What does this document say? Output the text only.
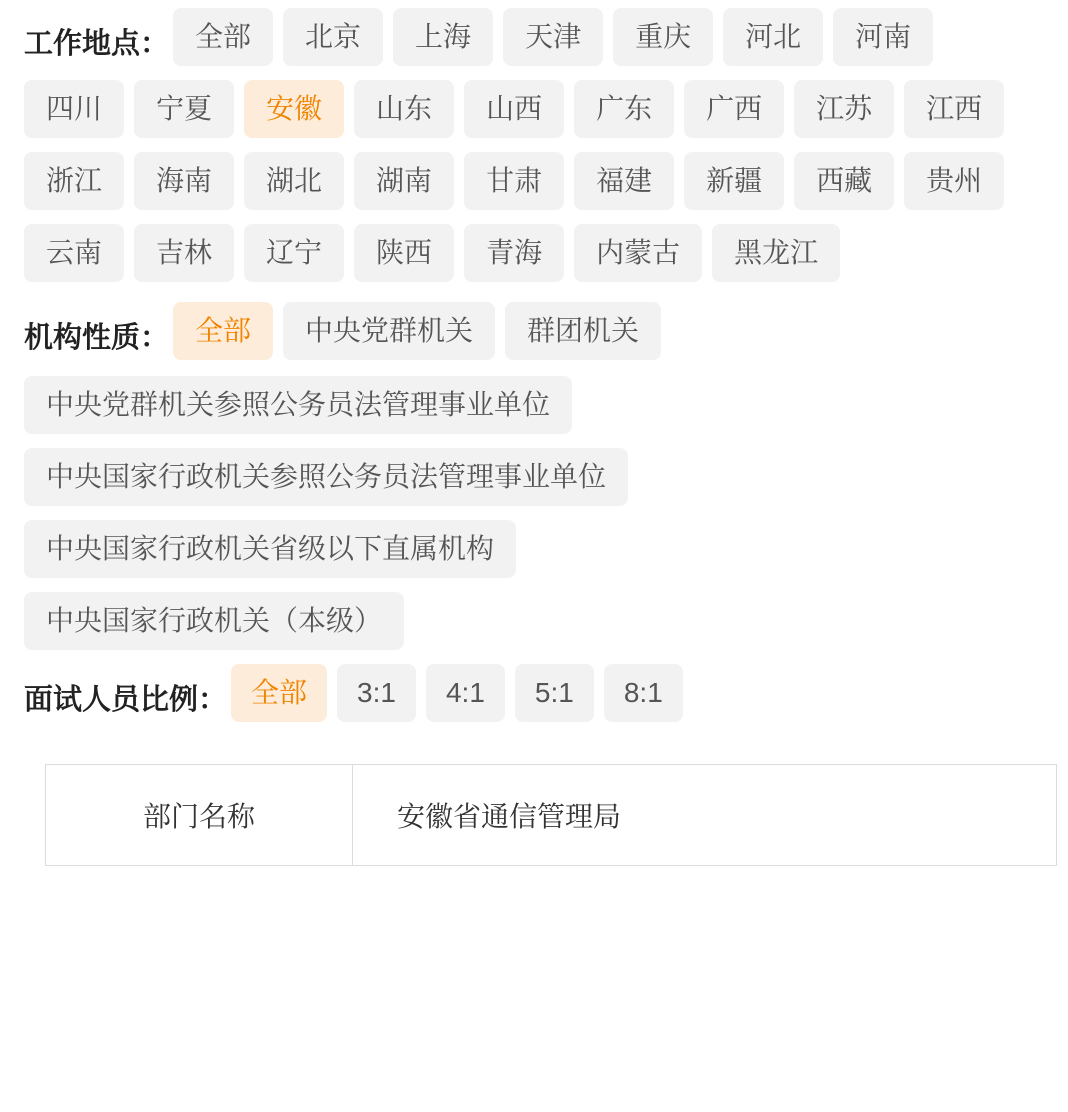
工作地点： 全部	北京	上海	天津	重庆	河北	河南
四川	宁夏	安徽	山东	山西	广东	广西	江苏	江西
浙江	海南	湖北	湖南	甘肃	福建	新疆	西藏	贵州
云南	吉林	辽宁	陕西	青海	内蒙古	黑龙江
机构性质： 全部	中央党群机关	群团机关
中央党群机关参照公务员法管理事业单位
中央国家行政机关参照公务员法管理事业单位
中央国家行政机关省级以下直属机构
中央国家行政机关（本级）
面试人员比例： 全部	3:1	4:1	5:1	8:1
部门名称	安徽省通信管理局
